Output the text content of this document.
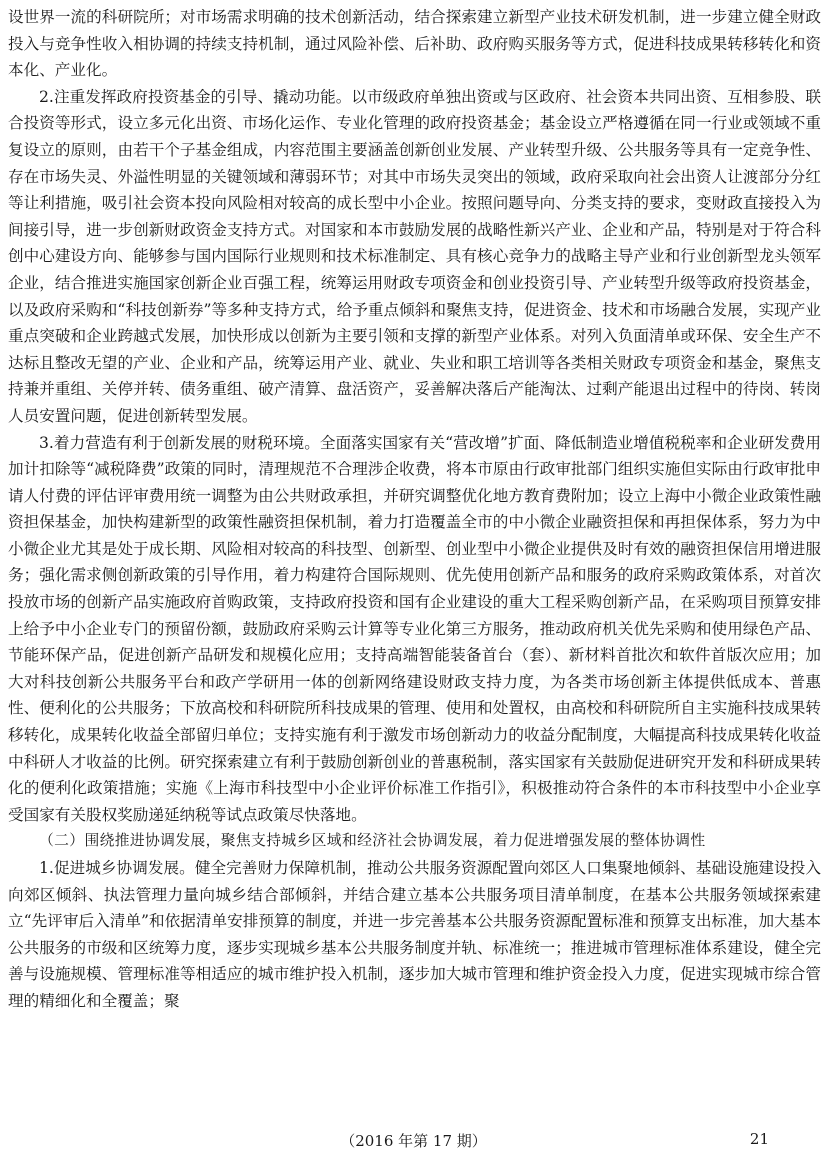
设世界一流的科研院所；对市场需求明确的技术创新活动，结合探索建立新型产业技术研发机制，进一步建立健全财政投入与竞争性收入相协调的持续支持机制，通过风险补偿、后补助、政府购买服务等方式，促进科技成果转移转化和资本化、产业化。

2.注重发挥政府投资基金的引导、撬动功能。以市级政府单独出资或与区政府、社会资本共同出资、互相参股、联合投资等形式，设立多元化出资、市场化运作、专业化管理的政府投资基金；基金设立严格遵循在同一行业或领域不重复设立的原则，由若干个子基金组成，内容范围主要涵盖创新创业发展、产业转型升级、公共服务等具有一定竞争性、存在市场失灵、外溢性明显的关键领域和薄弱环节；对其中市场失灵突出的领域，政府采取向社会出资人让渡部分分红等让利措施，吸引社会资本投向风险相对较高的成长型中小企业。按照问题导向、分类支持的要求，变财政直接投入为间接引导，进一步创新财政资金支持方式。对国家和本市鼓励发展的战略性新兴产业、企业和产品，特别是对于符合科创中心建设方向、能够参与国内国际行业规则和技术标准制定、具有核心竞争力的战略主导产业和行业创新型龙头领军企业，结合推进实施国家创新企业百强工程，统筹运用财政专项资金和创业投资引导、产业转型升级等政府投资基金，以及政府采购和“科技创新券”等多种支持方式，给予重点倾斜和聚焦支持，促进资金、技术和市场融合发展，实现产业重点突破和企业跨越式发展，加快形成以创新为主要引领和支撑的新型产业体系。对列入负面清单或环保、安全生产不达标且整改无望的产业、企业和产品，统筹运用产业、就业、失业和职工培训等各类相关财政专项资金和基金，聚焦支持兼并重组、关停并转、债务重组、破产清算、盘活资产，妥善解决落后产能淘汰、过剩产能退出过程中的待岗、转岗人员安置问题，促进创新转型发展。

3.着力营造有利于创新发展的财税环境。全面落实国家有关“营改增”扩面、降低制造业增值税税率和企业研发费用加计扣除等“减税降费”政策的同时，清理规范不合理涉企收费，将本市原由行政审批部门组织实施但实际由行政审批申请人付费的评估评审费用统一调整为由公共财政承担，并研究调整优化地方教育费附加；设立上海中小微企业政策性融资担保基金，加快构建新型的政策性融资担保机制，着力打造覆盖全市的中小微企业融资担保和再担保体系，努力为中小微企业尤其是处于成长期、风险相对较高的科技型、创新型、创业型中小微企业提供及时有效的融资担保信用增进服务；强化需求侧创新政策的引导作用，着力构建符合国际规则、优先使用创新产品和服务的政府采购政策体系，对首次投放市场的创新产品实施政府首购政策，支持政府投资和国有企业建设的重大工程采购创新产品，在采购项目预算安排上给予中小企业专门的预留份额，鼓励政府采购云计算等专业化第三方服务，推动政府机关优先采购和使用绿色产品、节能环保产品，促进创新产品研发和规模化应用；支持高端智能装备首台（套）、新材料首批次和软件首版次应用；加大对科技创新公共服务平台和政产学研用一体的创新网络建设财政支持力度，为各类市场创新主体提供低成本、普惠性、便利化的公共服务；下放高校和科研院所科技成果的管理、使用和处置权，由高校和科研院所自主实施科技成果转移转化，成果转化收益全部留归单位；支持实施有利于激发市场创新动力的收益分配制度，大幅提高科技成果转化收益中科研人才收益的比例。研究探索建立有利于鼓励创新创业的普惠税制，落实国家有关鼓励促进研究开发和科研成果转化的便利化政策措施；实施《上海市科技型中小企业评价标准工作指引》，积极推动符合条件的本市科技型中小企业享受国家有关股权奖励递延纳税等试点政策尽快落地。

（二）围绕推进协调发展，聚焦支持城乡区域和经济社会协调发展，着力促进增强发展的整体协调性

1.促进城乡协调发展。健全完善财力保障机制，推动公共服务资源配置向郊区人口集聚地倾斜、基础设施建设投入向郊区倾斜、执法管理力量向城乡结合部倾斜，并结合建立基本公共服务项目清单制度，在基本公共服务领域探索建立“先评审后入清单”和依据清单安排预算的制度，并进一步完善基本公共服务资源配置标准和预算支出标准，加大基本公共服务的市级和区统筹力度，逐步实现城乡基本公共服务制度并轨、标准统一；推进城市管理标准体系建设，健全完善与设施规模、管理标准等相适应的城市维护投入机制，逐步加大城市管理和维护资金投入力度，促进实现城市综合管理的精细化和全覆盖；聚

（2016 年第 17 期）	21
